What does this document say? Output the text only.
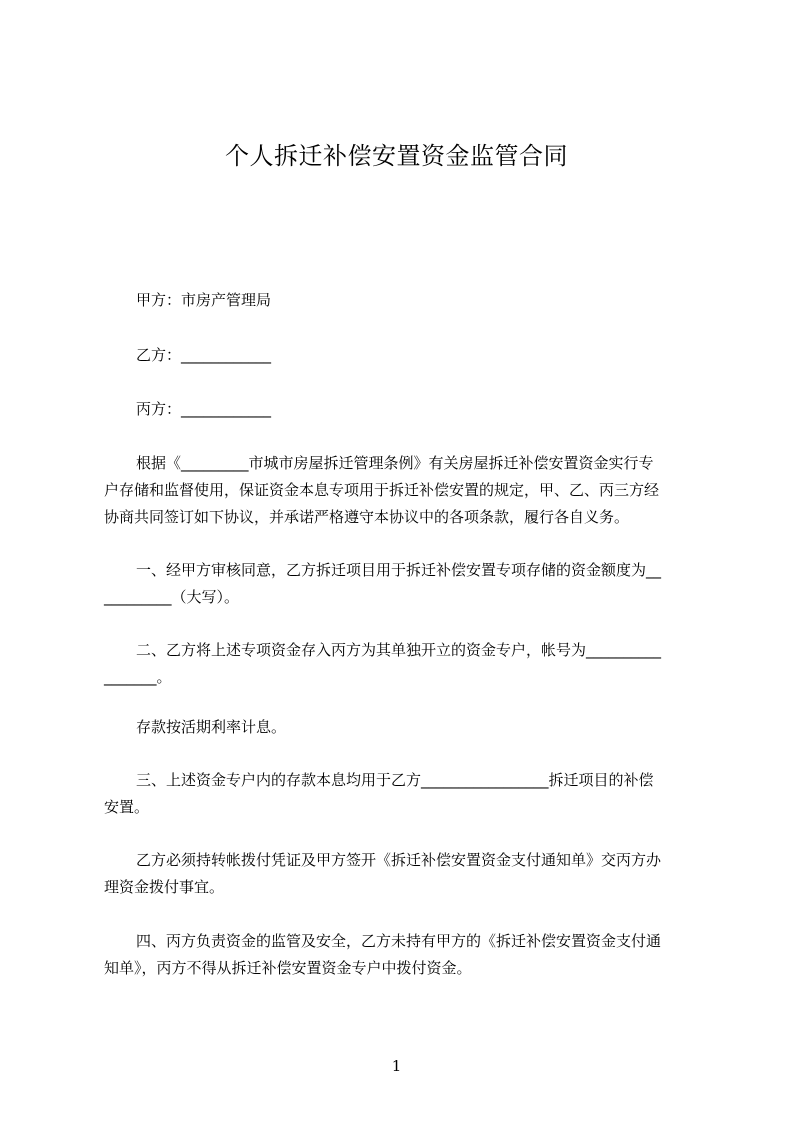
个人拆迁补偿安置资金监管合同

甲方：市房产管理局

乙方：____________

丙方：____________

根据《_________市城市房屋拆迁管理条例》有关房屋拆迁补偿安置资金实行专
户存储和监督使用，保证资金本息专项用于拆迁补偿安置的规定，甲、乙、丙三方经
协商共同签订如下协议，并承诺严格遵守本协议中的各项条款，履行各自义务。
一、经甲方审核同意，乙方拆迁项目用于拆迁补偿安置专项存储的资金额度为__
_________（大写）。
二、乙方将上述专项资金存入丙方为其单独开立的资金专户，帐号为__________
_______。

存款按活期利率计息。

三、上述资金专户内的存款本息均用于乙方_________________拆迁项目的补偿
安置。
乙方必须持转帐拨付凭证及甲方签开《拆迁补偿安置资金支付通知单》交丙方办
理资金拨付事宜。
四、丙方负责资金的监管及安全，乙方未持有甲方的《拆迁补偿安置资金支付通
知单》，丙方不得从拆迁补偿安置资金专户中拨付资金。

1
